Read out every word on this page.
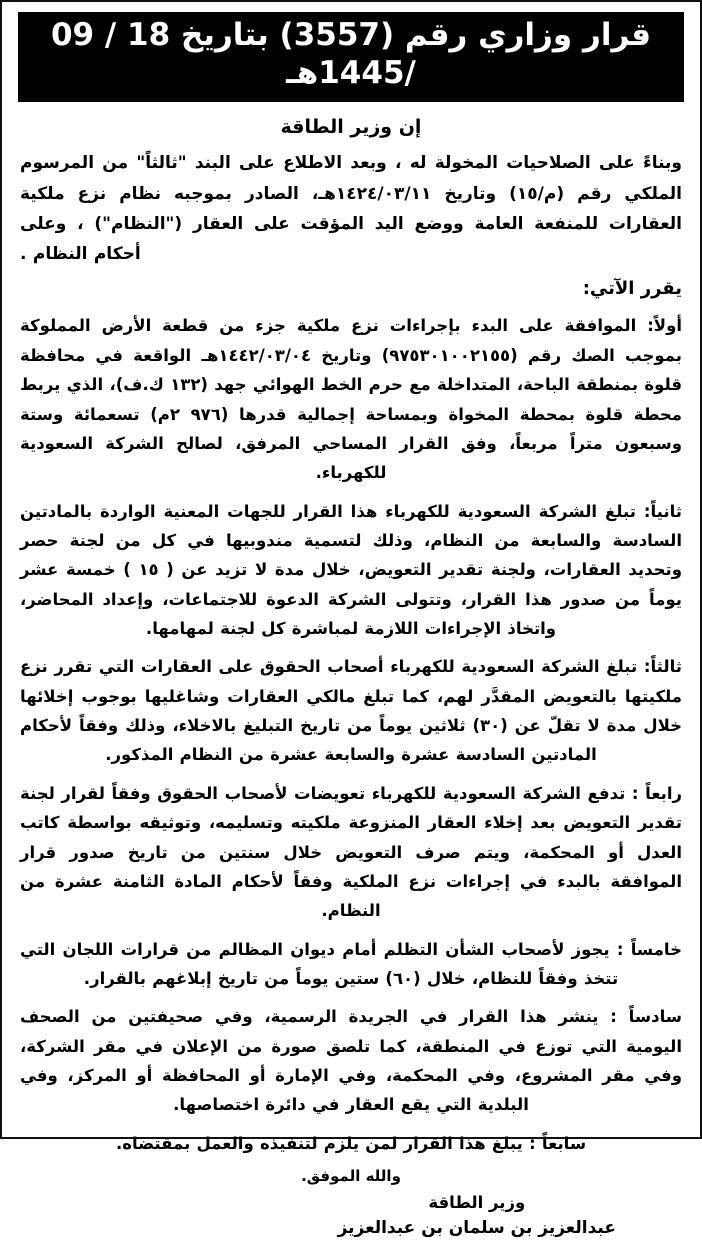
قرار وزاري رقم (3557) بتاريخ 18 / 09 /1445هـ
إن وزير الطاقة

وبناءً على الصلاحيات المخولة له ، وبعد الاطلاع على البند "ثالثاً" من المرسوم الملكي رقم (م/١٥) وتاريخ ١٤٢٤/٠٣/١١هـ، الصادر بموجبه نظام نزع ملكية العقارات للمنفعة العامة ووضع اليد المؤقت على العقار ("النظام") ، وعلى أحكام النظام .

يقرر الآتي:

أولاً: الموافقة على البدء بإجراءات نزع ملكية جزء من قطعة الأرض المملوكة بموجب الصك رقم (٩٧٥٣٠١٠٠٢١٥٥) وتاريخ ١٤٤٢/٠٣/٠٤هـ الواقعة في محافظة قلوة بمنطقة الباحة، المتداخلة مع حرم الخط الهوائي جهد (١٣٢ ك.ف)، الذي يربط محطة قلوة بمحطة المخواة وبمساحة إجمالية قدرها (٩٧٦ ٢م) تسعمائة وستة وسبعون متراً مربعاً، وفق القرار المساحي المرفق، لصالح الشركة السعودية للكهرباء.

ثانياً: تبلغ الشركة السعودية للكهرباء هذا القرار للجهات المعنية الواردة بالمادتين السادسة والسابعة من النظام، وذلك لتسمية مندوبيها في كل من لجنة حصر وتحديد العقارات، ولجنة تقدير التعويض، خلال مدة لا تزيد عن ( ١٥ ) خمسة عشر يوماً من صدور هذا القرار، وتتولى الشركة الدعوة للاجتماعات، وإعداد المحاضر، واتخاذ الإجراءات اللازمة لمباشرة كل لجنة لمهامها.

ثالثاً: تبلغ الشركة السعودية للكهرباء أصحاب الحقوق على العقارات التي تقرر نزع ملكيتها بالتعويض المقدَّر لهم، كما تبلغ مالكي العقارات وشاغليها بوجوب إخلائها خلال مدة لا تقلّ عن (٣٠) ثلاثين يوماً من تاريخ التبليغ بالاخلاء، وذلك وفقاً لأحكام المادتين السادسة عشرة والسابعة عشرة من النظام المذكور.

رابعاً : تدفع الشركة السعودية للكهرباء تعويضات لأصحاب الحقوق وفقاً لقرار لجنة تقدير التعويض بعد إخلاء العقار المنزوعة ملكيته وتسليمه، وتوثيقه بواسطة كاتب العدل أو المحكمة، ويتم صرف التعويض خلال سنتين من تاريخ صدور قرار الموافقة بالبدء في إجراءات نزع الملكية وفقاً لأحكام المادة الثامنة عشرة من النظام.

خامساً : يجوز لأصحاب الشأن التظلم أمام ديوان المظالم من قرارات اللجان التي تتخذ وفقاً للنظام، خلال (٦٠) ستين يوماً من تاريخ إبلاغهم بالقرار.

سادساً : ينشر هذا القرار في الجريدة الرسمية، وفي صحيفتين من الصحف اليومية التي توزع في المنطقة، كما تلصق صورة من الإعلان في مقر الشركة، وفي مقر المشروع، وفي المحكمة، وفي الإمارة أو المحافظة أو المركز، وفي البلدية التي يقع العقار في دائرة اختصاصها.

سابعاً : يبلغ هذا القرار لمن يلزم لتنفيذه والعمل بمقتضاه.

والله الموفق.
وزير الطاقة
عبدالعزيز بن سلمان بن عبدالعزيز
